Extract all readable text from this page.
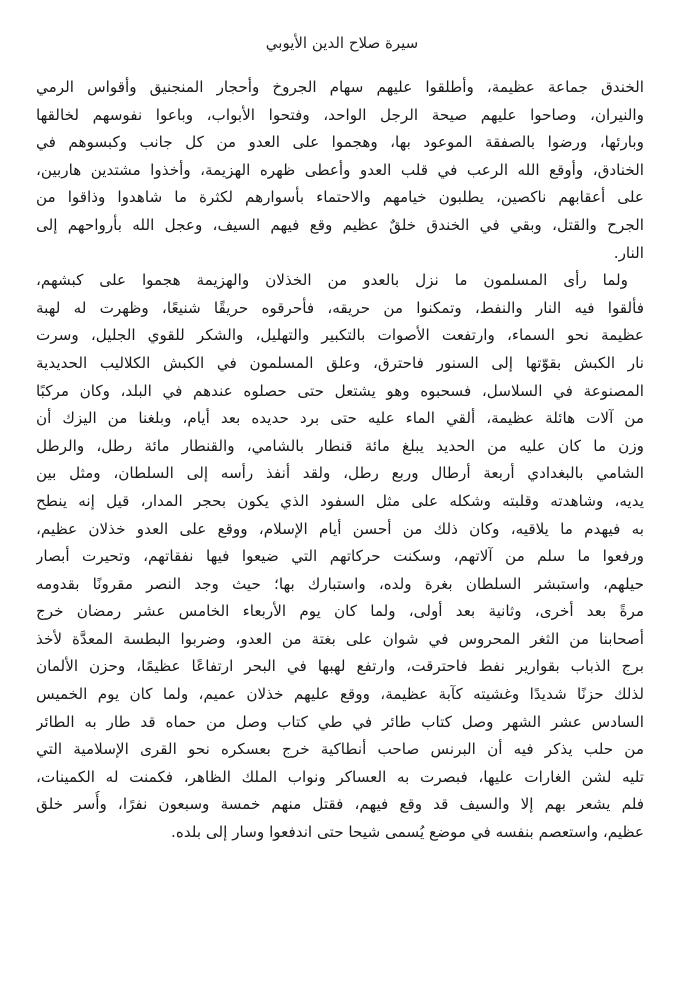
سيرة صلاح الدين الأيوبي
الخندق جماعة عظيمة، وأطلقوا عليهم سهام الجروخ وأحجار المنجنيق وأقواس الرمي
والنيران، وصاحوا عليهم صيحة الرجل الواحد، وفتحوا الأبواب، وباعوا نفوسهم لخالقها
وبارئها، ورضوا بالصفقة الموعود بها، وهجموا على العدو من كل جانب وكبسوهم في
الخنادق، وأوقع الله الرعب في قلب العدو وأعطى ظهره الهزيمة، وأخذوا مشتدين هاربين،
على أعقابهم ناكصين، يطلبون خيامهم والاحتماء بأسوارهم لكثرة ما شاهدوا وذاقوا من
الجرح والقتل، وبقي في الخندق خلقٌ عظيم وقع فيهم السيف، وعجل الله بأرواحهم إلى
النار.
ولما رأى المسلمون ما نزل بالعدو من الخذلان والهزيمة هجموا على كبشهم،
فألقوا فيه النار والنفط، وتمكنوا من حريقه، فأحرقوه حريقًا شنيعًا، وظهرت له لهبة
عظيمة نحو السماء، وارتفعت الأصوات بالتكبير والتهليل، والشكر للقوي الجليل، وسرت
نار الكبش بقوّتها إلى السنور فاحترق، وعلق المسلمون في الكبش الكلاليب الحديدية
المصنوعة في السلاسل، فسحبوه وهو يشتعل حتى حصلوه عندهم في البلد، وكان مركبًا
من آلات هائلة عظيمة، ألقي الماء عليه حتى برد حديده بعد أيام، وبلغنا من اليزك أن
وزن ما كان عليه من الحديد يبلغ مائة قنطار بالشامي، والقنطار مائة رطل، والرطل
الشامي بالبغدادي أربعة أرطال وربع رطل، ولقد أنفذ رأسه إلى السلطان، ومثل بين
يديه، وشاهدته وقلبته وشكله على مثل السفود الذي يكون بحجر المدار، قيل إنه ينطح
به فيهدم ما يلاقيه، وكان ذلك من أحسن أيام الإسلام، ووقع على العدو خذلان عظيم،
ورفعوا ما سلم من آلاتهم، وسكنت حركاتهم التي ضيعوا فيها نفقاتهم، وتحيرت أبصار
حيلهم، واستبشر السلطان بغرة ولده، واستبارك بها؛ حيث وجد النصر مقرونًا بقدومه
مرةً بعد أخرى، وثانية بعد أولى، ولما كان يوم الأربعاء الخامس عشر رمضان خرج
أصحابنا من الثغر المحروس في شوان على بغتة من العدو، وضربوا البطسة المعدَّة لأخذ
برج الذباب بقوارير نفط فاحترقت، وارتفع لهبها في البحر ارتفاعًا عظيمًا، وحزن الألمان
لذلك حزنًا شديدًا وغشيته كآبة عظيمة، ووقع عليهم خذلان عميم، ولما كان يوم الخميس
السادس عشر الشهر وصل كتاب طائر في طي كتاب وصل من حماه قد طار به الطائر
من حلب يذكر فيه أن البرنس صاحب أنطاكية خرج بعسكره نحو القرى الإسلامية التي
تليه لشن الغارات عليها، فبصرت به العساكر ونواب الملك الظاهر، فكمنت له الكمينات،
فلم يشعر بهم إلا والسيف قد وقع فيهم، فقتل منهم خمسة وسبعون نفرًا، وأُسر خلق
عظيم، واستعصم بنفسه في موضع يُسمى شيحا حتى اندفعوا وسار إلى بلده.
